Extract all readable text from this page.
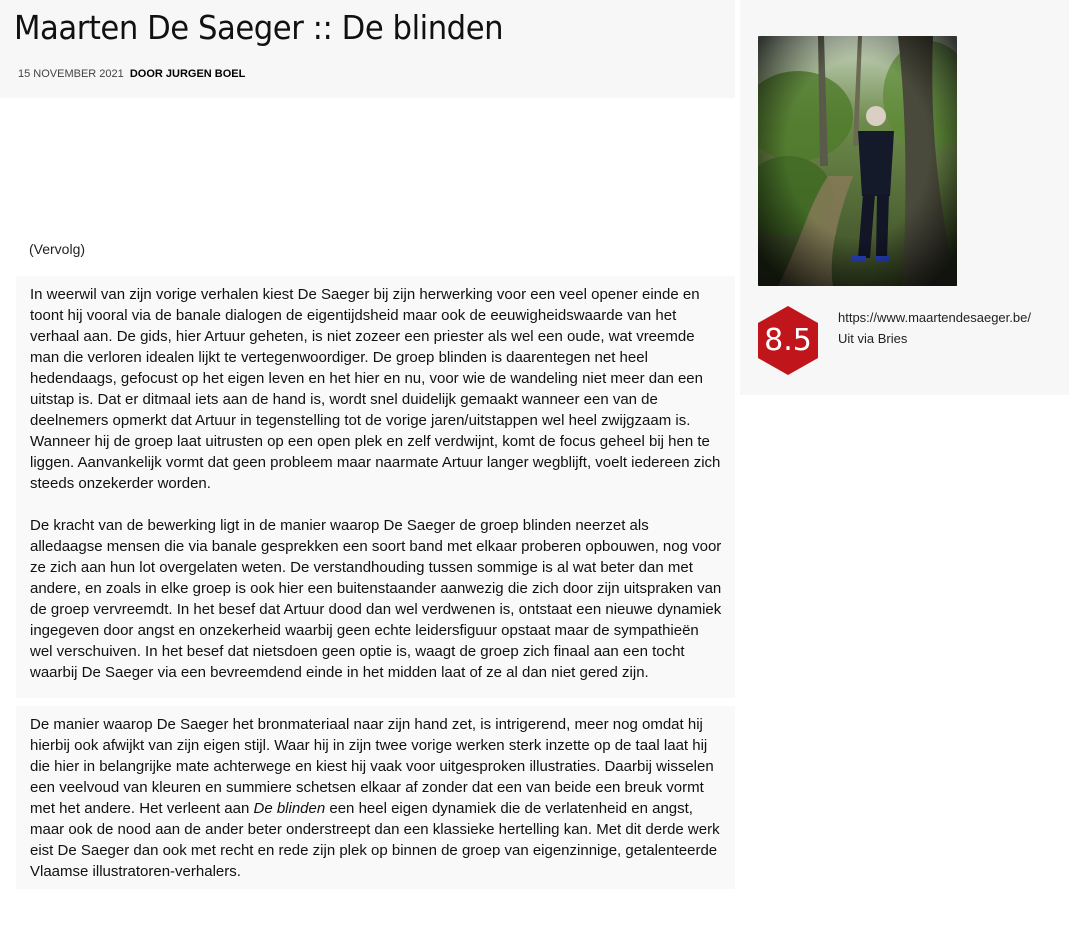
Maarten De Saeger :: De blinden
15 NOVEMBER 2021 DOOR JURGEN BOEL
(Vervolg)

In weerwil van zijn vorige verhalen kiest De Saeger bij zijn herwerking voor een veel opener einde en toont hij vooral via de banale dialogen de eigentijdsheid maar ook de eeuwigheidswaarde van het verhaal aan. De gids, hier Artuur geheten, is niet zozeer een priester als wel een oude, wat vreemde man die verloren idealen lijkt te vertegenwoordiger. De groep blinden is daarentegen net heel hedendaags, gefocust op het eigen leven en het hier en nu, voor wie de wandeling niet meer dan een uitstap is. Dat er ditmaal iets aan de hand is, wordt snel duidelijk gemaakt wanneer een van de deelnemers opmerkt dat Artuur in tegenstelling tot de vorige jaren/uitstappen wel heel zwijgzaam is. Wanneer hij de groep laat uitrusten op een open plek en zelf verdwijnt, komt de focus geheel bij hen te liggen. Aanvankelijk vormt dat geen probleem maar naarmate Artuur langer wegblijft, voelt iedereen zich steeds onzekerder worden.

De kracht van de bewerking ligt in de manier waarop De Saeger de groep blinden neerzet als alledaagse mensen die via banale gesprekken een soort band met elkaar proberen opbouwen, nog voor ze zich aan hun lot overgelaten weten. De verstandhouding tussen sommige is al wat beter dan met andere, en zoals in elke groep is ook hier een buitenstaander aanwezig die zich door zijn uitspraken van de groep vervreemdt. In het besef dat Artuur dood dan wel verdwenen is, ontstaat een nieuwe dynamiek ingegeven door angst en onzekerheid waarbij geen echte leidersfiguur opstaat maar de sympathieën wel verschuiven. In het besef dat nietsdoen geen optie is, waagt de groep zich finaal aan een tocht waarbij De Saeger via een bevreemdend einde in het midden laat of ze al dan niet gered zijn.

De manier waarop De Saeger het bronmateriaal naar zijn hand zet, is intrigerend, meer nog omdat hij hierbij ook afwijkt van zijn eigen stijl. Waar hij in zijn twee vorige werken sterk inzette op de taal laat hij die hier in belangrijke mate achterwege en kiest hij vaak voor uitgesproken illustraties. Daarbij wisselen een veelvoud van kleuren en summiere schetsen elkaar af zonder dat een van beide een breuk vormt met het andere. Het verleent aan De blinden een heel eigen dynamiek die de verlatenheid en angst, maar ook de nood aan de ander beter onderstreept dan een klassieke hertelling kan. Met dit derde werk eist De Saeger dan ook met recht en rede zijn plek op binnen de groep van eigenzinnige, getalenteerde Vlaamse illustratoren-verhalers.

8.5
https://www.maartendesaeger.be/
Uit via Bries
